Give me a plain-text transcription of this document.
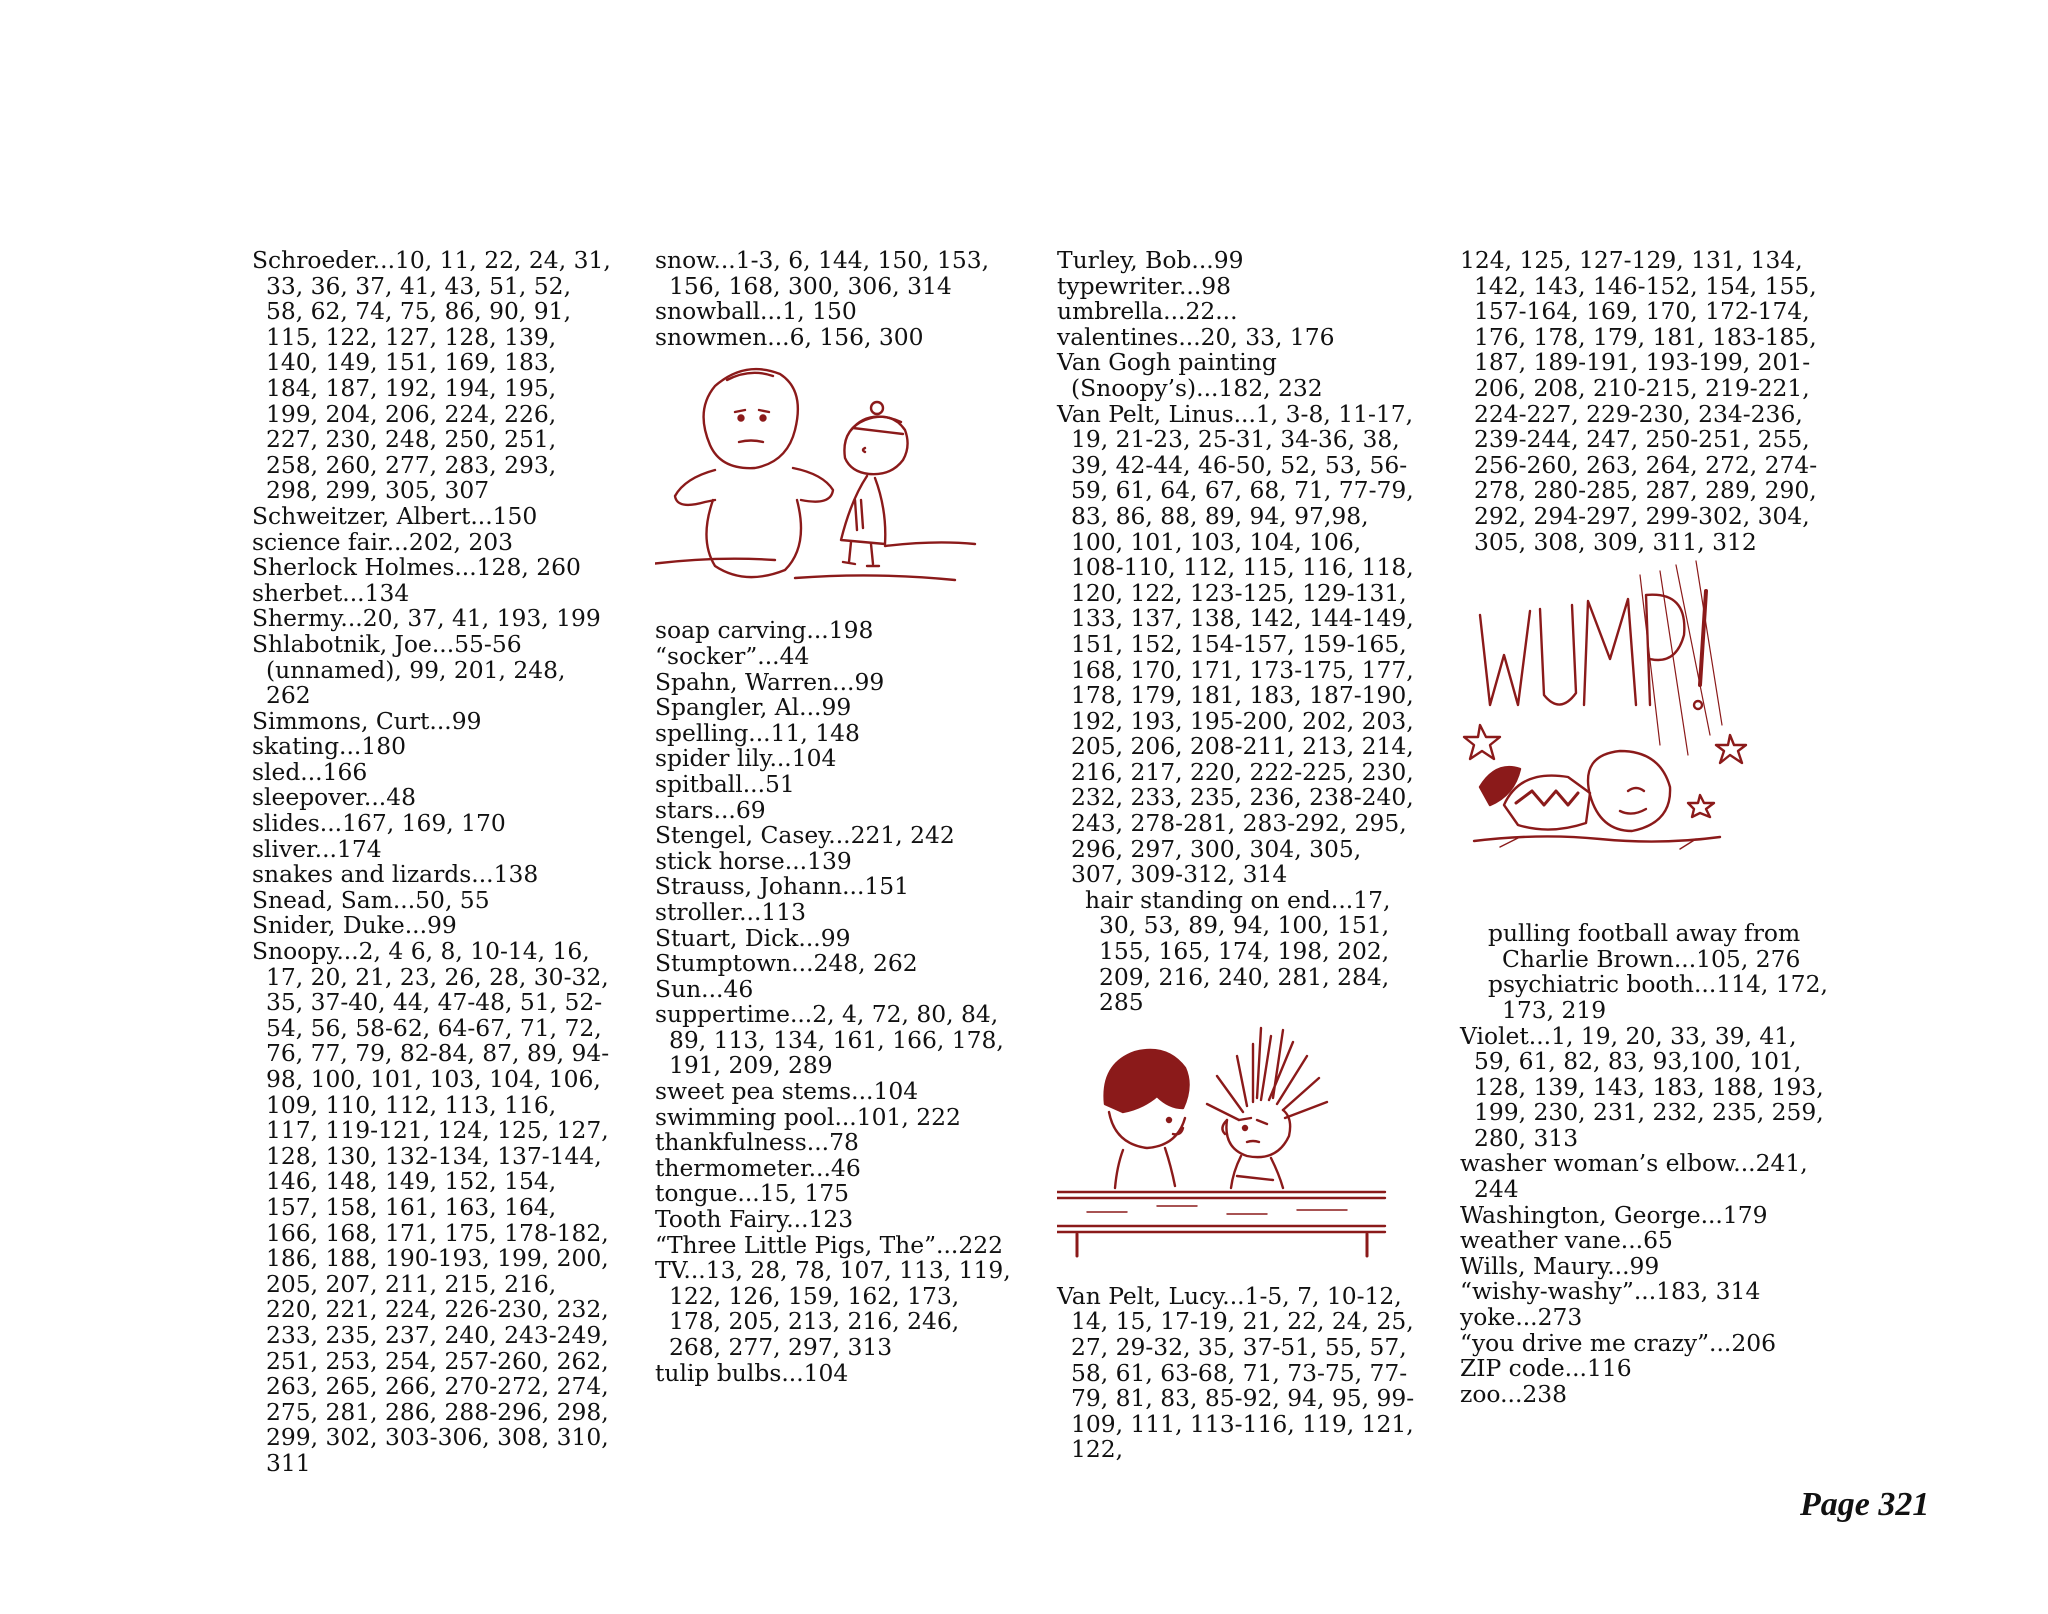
Schroeder...10, 11, 22, 24, 31, 33, 36, 37, 41, 43, 51, 52, 58, 62, 74, 75, 86, 90, 91, 115, 122, 127, 128, 139, 140, 149, 151, 169, 183, 184, 187, 192, 194, 195, 199, 204, 206, 224, 226, 227, 230, 248, 250, 251, 258, 260, 277, 283, 293, 298, 299, 305, 307
Schweitzer, Albert...150
science fair...202, 203
Sherlock Holmes...128, 260
sherbet...134
Shermy...20, 37, 41, 193, 199
Shlabotnik, Joe...55-56 (unnamed), 99, 201, 248, 262
Simmons, Curt...99
skating...180
sled...166
sleepover...48
slides...167, 169, 170
sliver...174
snakes and lizards...138
Snead, Sam...50, 55
Snider, Duke...99
Snoopy...2, 4 6, 8, 10-14, 16, 17, 20, 21, 23, 26, 28, 30-32, 35, 37-40, 44, 47-48, 51, 52-54, 56, 58-62, 64-67, 71, 72, 76, 77, 79, 82-84, 87, 89, 94-98, 100, 101, 103, 104, 106, 109, 110, 112, 113, 116, 117, 119-121, 124, 125, 127, 128, 130, 132-134, 137-144, 146, 148, 149, 152, 154, 157, 158, 161, 163, 164, 166, 168, 171, 175, 178-182, 186, 188, 190-193, 199, 200, 205, 207, 211, 215, 216, 220, 221, 224, 226-230, 232, 233, 235, 237, 240, 243-249, 251, 253, 254, 257-260, 262, 263, 265, 266, 270-272, 274, 275, 281, 286, 288-296, 298, 299, 302, 303-306, 308, 310, 311
snow...1-3, 6, 144, 150, 153, 156, 168, 300, 306, 314
snowball...1, 150
snowmen...6, 156, 300
soap carving...198
“socker”...44
Spahn, Warren...99
Spangler, Al...99
spelling...11, 148
spider lily...104
spitball...51
stars...69
Stengel, Casey...221, 242
stick horse...139
Strauss, Johann...151
stroller...113
Stuart, Dick...99
Stumptown...248, 262
Sun...46
suppertime...2, 4, 72, 80, 84, 89, 113, 134, 161, 166, 178, 191, 209, 289
sweet pea stems...104
swimming pool...101, 222
thankfulness...78
thermometer...46
tongue...15, 175
Tooth Fairy...123
“Three Little Pigs, The”...222
TV...13, 28, 78, 107, 113, 119, 122, 126, 159, 162, 173, 178, 205, 213, 216, 246, 268, 277, 297, 313
tulip bulbs...104
Turley, Bob...99
typewriter...98
umbrella...22...
valentines...20, 33, 176
Van Gogh painting (Snoopy’s)...182, 232
Van Pelt, Linus...1, 3-8, 11-17, 19, 21-23, 25-31, 34-36, 38, 39, 42-44, 46-50, 52, 53, 56-59, 61, 64, 67, 68, 71, 77-79, 83, 86, 88, 89, 94, 97,98, 100, 101, 103, 104, 106, 108-110, 112, 115, 116, 118, 120, 122, 123-125, 129-131, 133, 137, 138, 142, 144-149, 151, 152, 154-157, 159-165, 168, 170, 171, 173-175, 177, 178, 179, 181, 183, 187-190, 192, 193, 195-200, 202, 203, 205, 206, 208-211, 213, 214, 216, 217, 220, 222-225, 230, 232, 233, 235, 236, 238-240, 243, 278-281, 283-292, 295, 296, 297, 300, 304, 305, 307, 309-312, 314
hair standing on end...17, 30, 53, 89, 94, 100, 151, 155, 165, 174, 198, 202, 209, 216, 240, 281, 284, 285
Van Pelt, Lucy...1-5, 7, 10-12, 14, 15, 17-19, 21, 22, 24, 25, 27, 29-32, 35, 37-51, 55, 57, 58, 61, 63-68, 71, 73-75, 77-79, 81, 83, 85-92, 94, 95, 99-109, 111, 113-116, 119, 121, 122,
124, 125, 127-129, 131, 134, 142, 143, 146-152, 154, 155, 157-164, 169, 170, 172-174, 176, 178, 179, 181, 183-185, 187, 189-191, 193-199, 201-206, 208, 210-215, 219-221, 224-227, 229-230, 234-236, 239-244, 247, 250-251, 255, 256-260, 263, 264, 272, 274-278, 280-285, 287, 289, 290, 292, 294-297, 299-302, 304, 305, 308, 309, 311, 312
pulling football away from Charlie Brown...105, 276
psychiatric booth...114, 172, 173, 219
Violet...1, 19, 20, 33, 39, 41, 59, 61, 82, 83, 93,100, 101, 128, 139, 143, 183, 188, 193, 199, 230, 231, 232, 235, 259, 280, 313
washer woman’s elbow...241, 244
Washington, George...179
weather vane...65
Wills, Maury...99
“wishy-washy”...183, 314
yoke...273
“you drive me crazy”...206
ZIP code...116
zoo...238
Page 321
